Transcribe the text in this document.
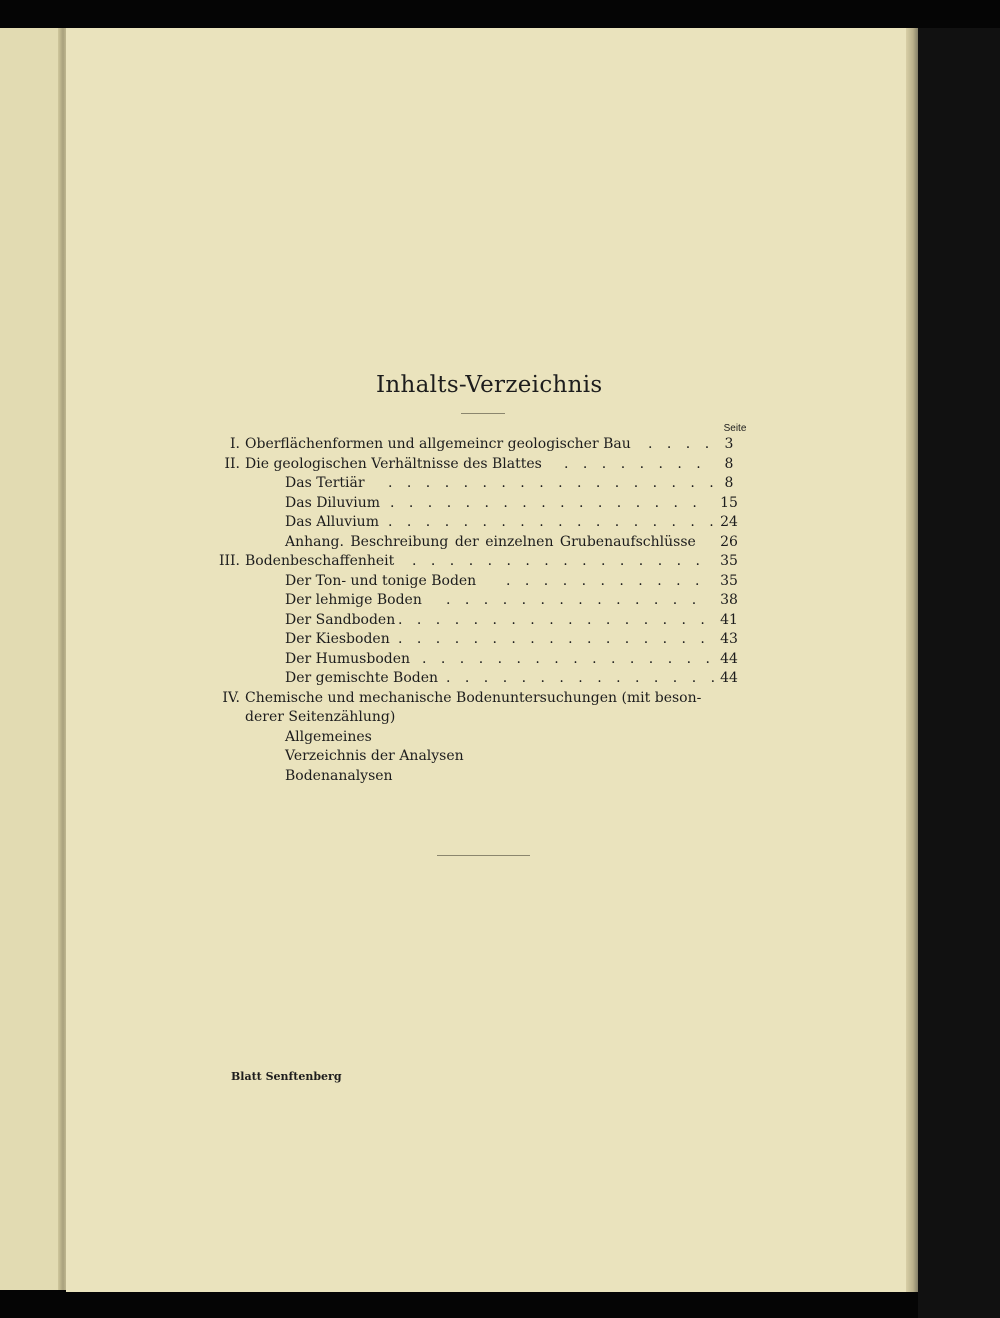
Inhalts-Verzeichnis
Seite
I. Oberflächenformen und allgemeincr geologischer Bau . . . . 3
II. Die geologischen Verhältnisse des Blattes . . . . . . . .	8
Das Tertiär . . . . . . . . . . . . . . . . . . 8
Das Diluvium . . . . . . . . . . . . . . . . . 15
Das Alluvium . . . . . . . . . . . . . . . . . . 24
Anhang. Beschreibung der einzelnen Grubenaufschlüsse 26
III. Bodenbeschaffenheit . . . . . . . . . . . . . . . . 35
Der Ton- und tonige Boden . . . . . . . . . . . 35
Der lehmige Boden . . . . . . . . . . . . . . 38
Der Sandboden . . . . . . . . . . . . . . . . . 41
Der Kiesboden . . . . . . . . . . . . . . . . . 43
Der Humusboden . . . . . . . . . . . . . . . . 44
Der gemischte Boden . . . . . . . . . . . . . . . 44
IV. Chemische und mechanische Bodenuntersuchungen (mit beson-
derer Seitenzählung)
Allgemeines
Verzeichnis der Analysen
Bodenanalysen
Blatt Senftenberg
